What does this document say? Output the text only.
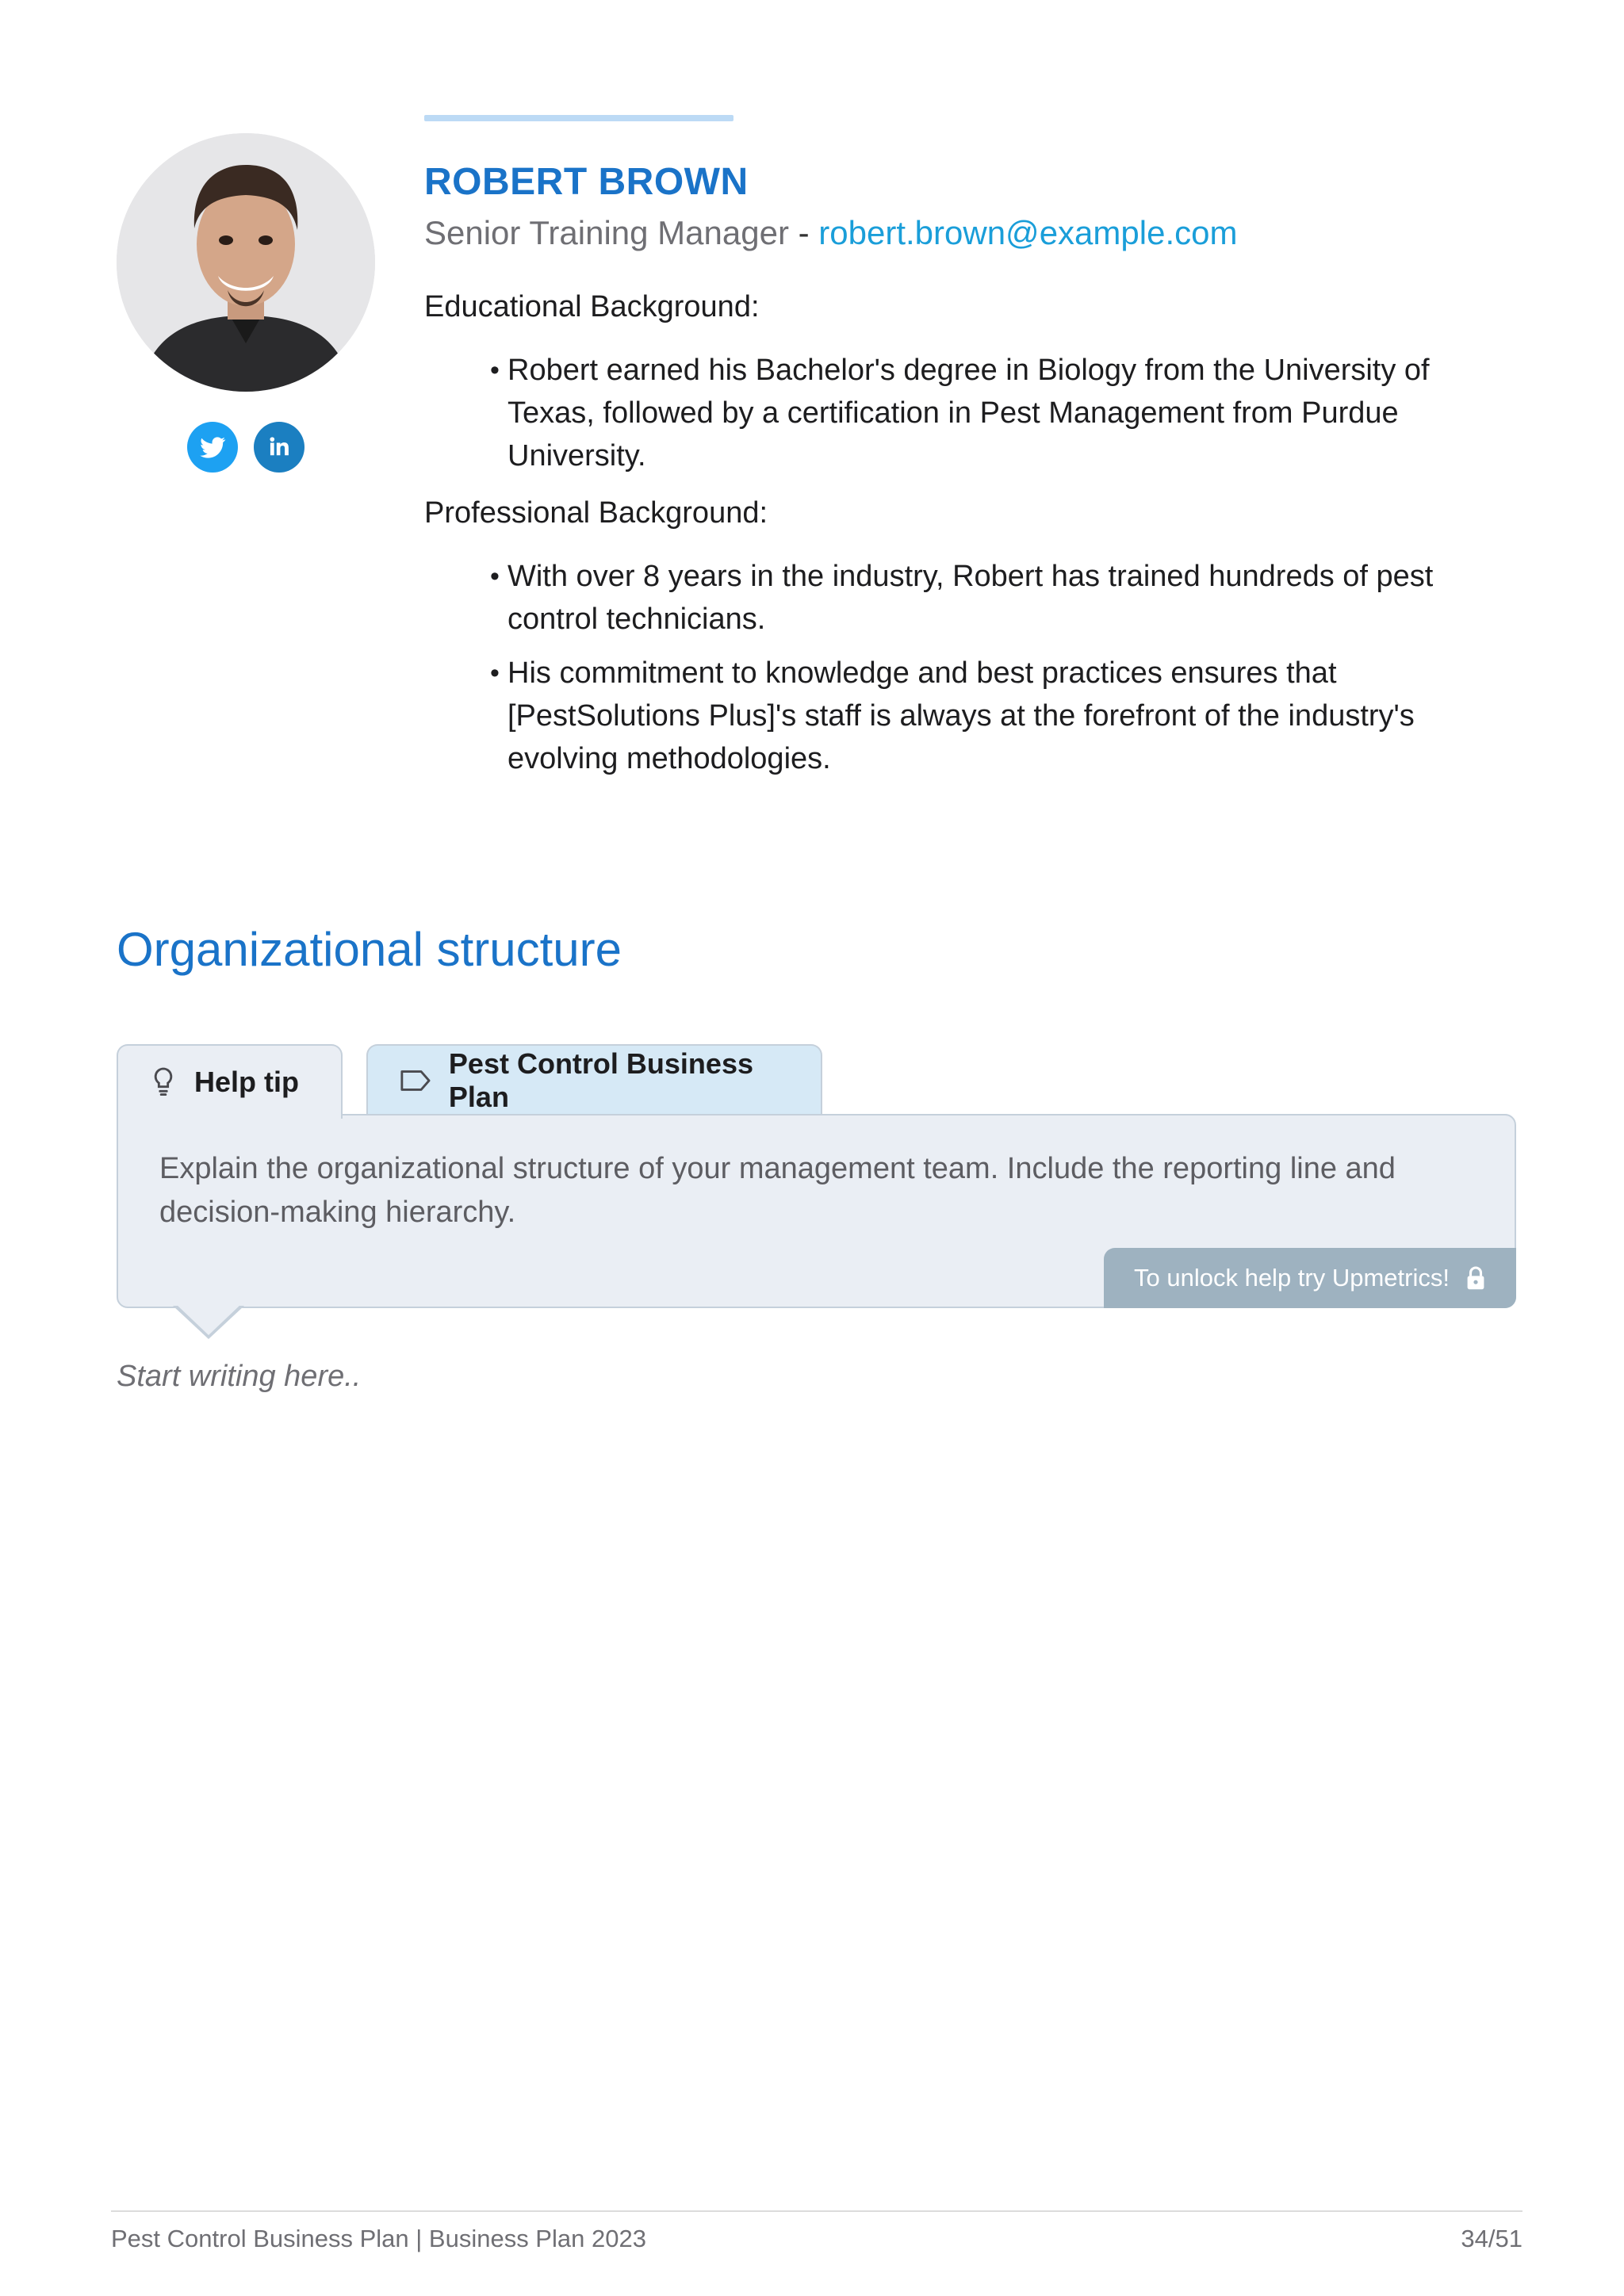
ROBERT BROWN
Senior Training Manager - robert.brown@example.com
Educational Background:
• Robert earned his Bachelor's degree in Biology from the University of Texas, followed by a certification in Pest Management from Purdue University.
Professional Background:
• With over 8 years in the industry, Robert has trained hundreds of pest control technicians.
• His commitment to knowledge and best practices ensures that [PestSolutions Plus]'s staff is always at the forefront of the industry's evolving methodologies.
Organizational structure
Help tip
Pest Control Business Plan
Explain the organizational structure of your management team. Include the reporting line and decision-making hierarchy.
To unlock help try Upmetrics!
Start writing here..
Pest Control Business Plan | Business Plan 2023	34/51
